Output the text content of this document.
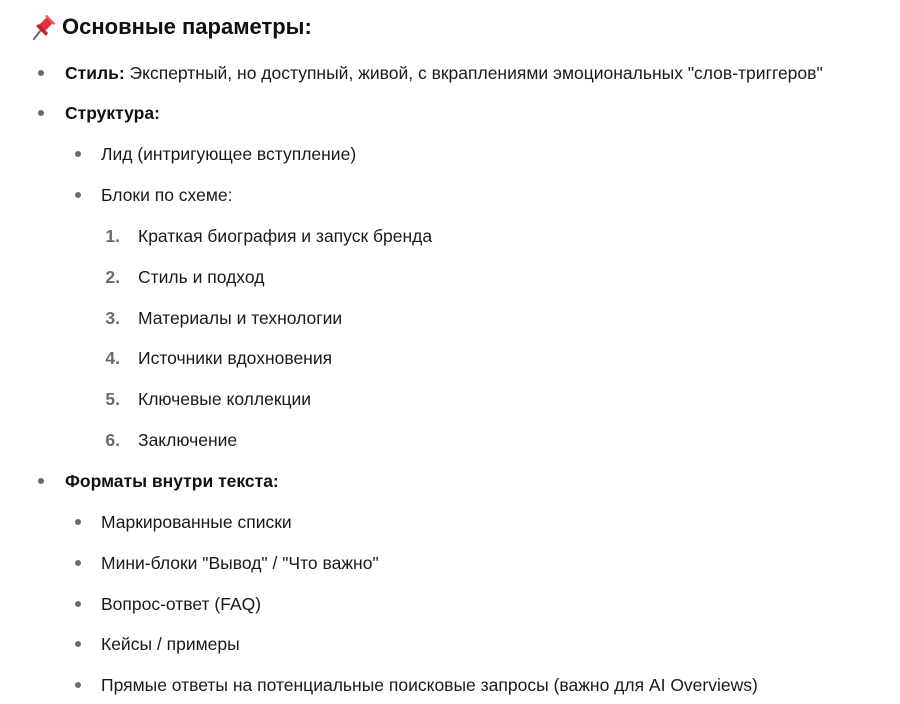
Основные параметры:
Стиль: Экспертный, но доступный, живой, с вкраплениями эмоциональных "слов-триггеров"
Структура:
Лид (интригующее вступление)
Блоки по схеме:
1. Краткая биография и запуск бренда
2. Стиль и подход
3. Материалы и технологии
4. Источники вдохновения
5. Ключевые коллекции
6. Заключение
Форматы внутри текста:
Маркированные списки
Мини-блоки "Вывод" / "Что важно"
Вопрос-ответ (FAQ)
Кейсы / примеры
Прямые ответы на потенциальные поисковые запросы (важно для AI Overviews)
